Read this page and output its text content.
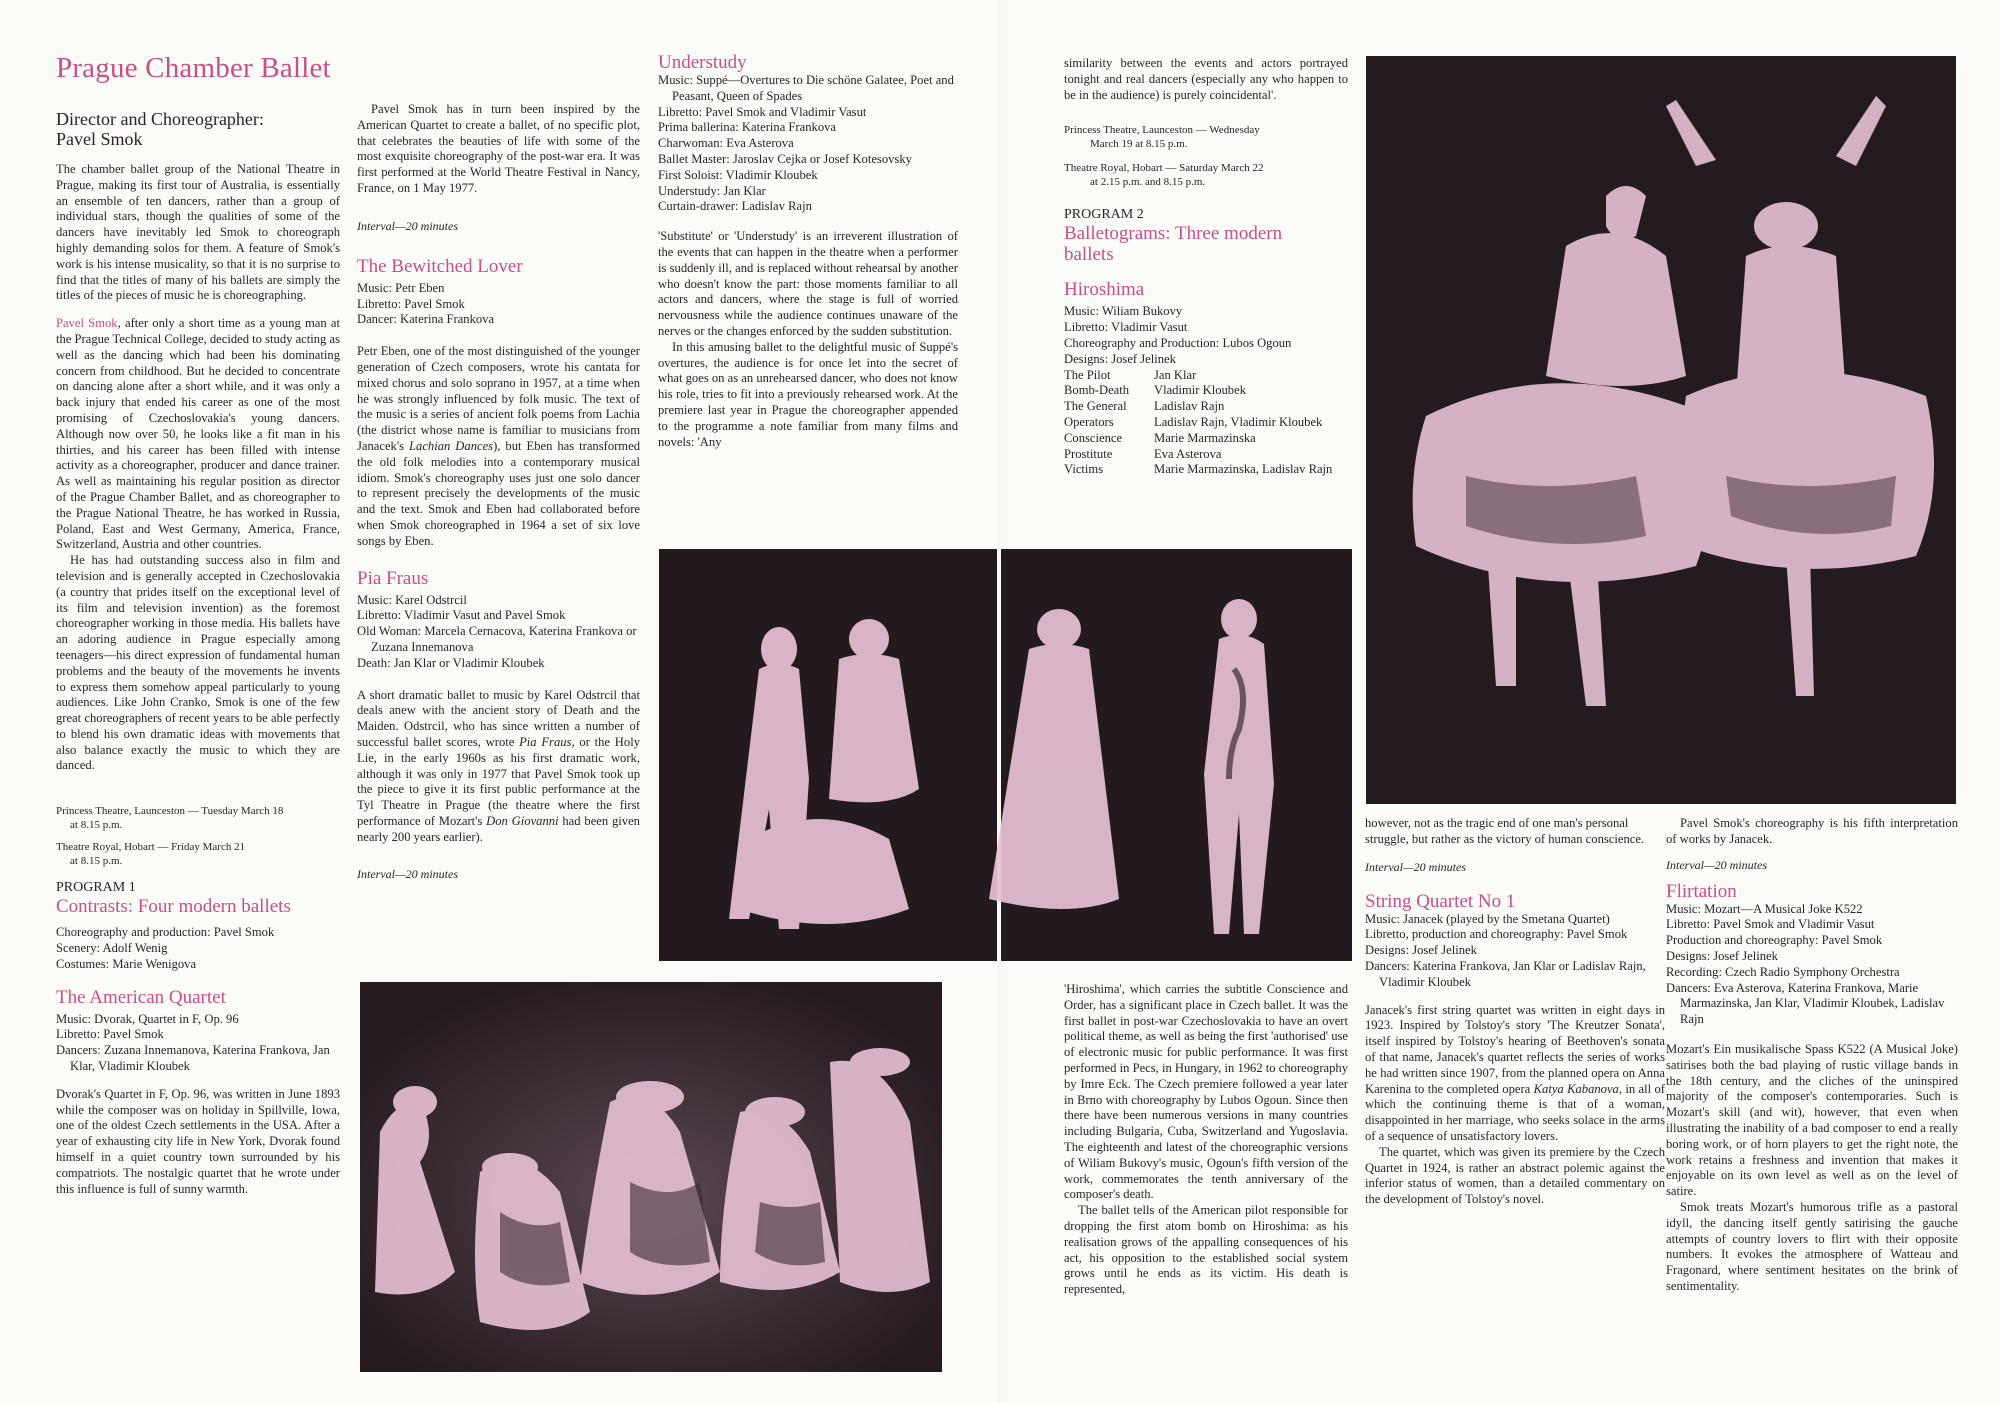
Prague Chamber Ballet
Director and Choreographer:
Pavel Smok

The chamber ballet group of the National Theatre in Prague, making its first tour of Australia, is essentially an ensemble of ten dancers, rather than a group of individual stars, though the qualities of some of the dancers have inevitably led Smok to choreograph highly demanding solos for them. A feature of Smok's work is his intense musicality, so that it is no surprise to find that the titles of many of his ballets are simply the titles of the pieces of music he is choreographing.

Pavel Smok, after only a short time as a young man at the Prague Technical College, decided to study acting as well as the dancing which had been his dominating concern from childhood. But he decided to concentrate on dancing alone after a short while, and it was only a back injury that ended his career as one of the most promising of Czechoslovakia's young dancers. Although now over 50, he looks like a fit man in his thirties, and his career has been filled with intense activity as a choreographer, producer and dance trainer. As well as maintaining his regular position as director of the Prague Chamber Ballet, and as choreographer to the Prague National Theatre, he has worked in Russia, Poland, East and West Germany, America, France, Switzerland, Austria and other countries.

He has had outstanding success also in film and television and is generally accepted in Czechoslovakia (a country that prides itself on the exceptional level of its film and television invention) as the foremost choreographer working in those media. His ballets have an adoring audience in Prague especially among teenagers—his direct expression of fundamental human problems and the beauty of the movements he invents to express them somehow appeal particularly to young audiences. Like John Cranko, Smok is one of the few great choreographers of recent years to be able perfectly to blend his own dramatic ideas with movements that also balance exactly the music to which they are danced.

Princess Theatre, Launceston — Tuesday March 18
at 8.15 p.m.
Theatre Royal, Hobart — Friday March 21
at 8.15 p.m.
PROGRAM 1
Contrasts: Four modern ballets
Choreography and production: Pavel Smok
Scenery: Adolf Wenig
Costumes: Marie Wenigova
The American Quartet
Music: Dvorak, Quartet in F, Op. 96
Libretto: Pavel Smok
Dancers: Zuzana Innemanova, Katerina Frankova, Jan Klar, Vladimir Kloubek

Dvorak's Quartet in F, Op. 96, was written in June 1893 while the composer was on holiday in Spillville, Iowa, one of the oldest Czech settlements in the USA. After a year of exhausting city life in New York, Dvorak found himself in a quiet country town surrounded by his compatriots. The nostalgic quartet that he wrote under this influence is full of sunny warmth.

Pavel Smok has in turn been inspired by the American Quartet to create a ballet, of no specific plot, that celebrates the beauties of life with some of the most exquisite choreography of the post-war era. It was first performed at the World Theatre Festival in Nancy, France, on 1 May 1977.

Interval—20 minutes
The Bewitched Lover
Music: Petr Eben
Libretto: Pavel Smok
Dancer: Katerina Frankova

Petr Eben, one of the most distinguished of the younger generation of Czech composers, wrote his cantata for mixed chorus and solo soprano in 1957, at a time when he was strongly influenced by folk music. The text of the music is a series of ancient folk poems from Lachia (the district whose name is familiar to musicians from Janacek's Lachian Dances), but Eben has transformed the old folk melodies into a contemporary musical idiom. Smok's choreography uses just one solo dancer to represent precisely the developments of the music and the text. Smok and Eben had collaborated before when Smok choreographed in 1964 a set of six love songs by Eben.

Pia Fraus
Music: Karel Odstrcil
Libretto: Vladimir Vasut and Pavel Smok
Old Woman: Marcela Cernacova, Katerina Frankova or Zuzana Innemanova
Death: Jan Klar or Vladimir Kloubek

A short dramatic ballet to music by Karel Odstrcil that deals anew with the ancient story of Death and the Maiden. Odstrcil, who has since written a number of successful ballet scores, wrote Pia Fraus, or the Holy Lie, in the early 1960s as his first dramatic work, although it was only in 1977 that Pavel Smok took up the piece to give it its first public performance at the Tyl Theatre in Prague (the theatre where the first performance of Mozart's Don Giovanni had been given nearly 200 years earlier).

Interval—20 minutes
Understudy
Music: Suppé—Overtures to Die schöne Galatee, Poet and Peasant, Queen of Spades
Libretto: Pavel Smok and Vladimir Vasut
Prima ballerina: Katerina Frankova
Charwoman: Eva Asterova
Ballet Master: Jaroslav Cejka or Josef Kotesovsky
First Soloist: Vladimir Kloubek
Understudy: Jan Klar
Curtain-drawer: Ladislav Rajn

'Substitute' or 'Understudy' is an irreverent illustration of the events that can happen in the theatre when a performer is suddenly ill, and is replaced without rehearsal by another who doesn't know the part: those moments familiar to all actors and dancers, where the stage is full of worried nervousness while the audience continues unaware of the nerves or the changes enforced by the sudden substitution.

In this amusing ballet to the delightful music of Suppé's overtures, the audience is for once let into the secret of what goes on as an unrehearsed dancer, who does not know his role, tries to fit into a previously rehearsed work. At the premiere last year in Prague the choreographer appended to the programme a note familiar from many films and novels: 'Any

similarity between the events and actors portrayed tonight and real dancers (especially any who happen to be in the audience) is purely coincidental'.

Princess Theatre, Launceston — Wednesday
March 19 at 8.15 p.m.
Theatre Royal, Hobart — Saturday March 22
at 2.15 p.m. and 8.15 p.m.
PROGRAM 2
Balletograms: Three modern
ballets
Hiroshima
Music: Wiliam Bukovy
Libretto: Vladimir Vasut
Choreography and Production: Lubos Ogoun
Designs: Josef Jelinek
The Pilot	Jan Klar
Bomb-Death	Vladimir Kloubek
The General	Ladislav Rajn
Operators	Ladislav Rajn, Vladimir Kloubek
Conscience	Marie Marmazinska
Prostitute	Eva Asterova
Victims	Marie Marmazinska, Ladislav Rajn

'Hiroshima', which carries the subtitle Conscience and Order, has a significant place in Czech ballet. It was the first ballet in post-war Czechoslovakia to have an overt political theme, as well as being the first 'authorised' use of electronic music for public performance. It was first performed in Pecs, in Hungary, in 1962 to choreography by Imre Eck. The Czech premiere followed a year later in Brno with choreography by Lubos Ogoun. Since then there have been numerous versions in many countries including Bulgaria, Cuba, Switzerland and Yugoslavia. The eighteenth and latest of the choreographic versions of Wiliam Bukovy's music, Ogoun's fifth version of the work, commemorates the tenth anniversary of the composer's death.

The ballet tells of the American pilot responsible for dropping the first atom bomb on Hiroshima: as his realisation grows of the appalling consequences of his act, his opposition to the established social system grows until he ends as its victim. His death is represented,

however, not as the tragic end of one man's personal struggle, but rather as the victory of human conscience.

Interval—20 minutes
String Quartet No 1
Music: Janacek (played by the Smetana Quartet)
Libretto, production and choreography: Pavel Smok
Designs: Josef Jelinek
Dancers: Katerina Frankova, Jan Klar or Ladislav Rajn, Vladimir Kloubek

Janacek's first string quartet was written in eight days in 1923. Inspired by Tolstoy's story 'The Kreutzer Sonata', itself inspired by Tolstoy's hearing of Beethoven's sonata of that name, Janacek's quartet reflects the series of works he had written since 1907, from the planned opera on Anna Karenina to the completed opera Katya Kabanova, in all of which the continuing theme is that of a woman, disappointed in her marriage, who seeks solace in the arms of a sequence of unsatisfactory lovers.

The quartet, which was given its premiere by the Czech Quartet in 1924, is rather an abstract polemic against the inferior status of women, than a detailed commentary on the development of Tolstoy's novel.

Pavel Smok's choreography is his fifth interpretation of works by Janacek.

Interval—20 minutes
Flirtation
Music: Mozart—A Musical Joke K522
Libretto: Pavel Smok and Vladimir Vasut
Production and choreography: Pavel Smok
Designs: Josef Jelinek
Recording: Czech Radio Symphony Orchestra
Dancers: Eva Asterova, Katerina Frankova, Marie Marmazinska, Jan Klar, Vladimir Kloubek, Ladislav Rajn

Mozart's Ein musikalische Spass K522 (A Musical Joke) satirises both the bad playing of rustic village bands in the 18th century, and the cliches of the uninspired majority of the composer's contemporaries. Such is Mozart's skill (and wit), however, that even when illustrating the inability of a bad composer to end a really boring work, or of horn players to get the right note, the work retains a freshness and invention that makes it enjoyable on its own level as well as on the level of satire.

Smok treats Mozart's humorous trifle as a pastoral idyll, the dancing itself gently satirising the gauche attempts of country lovers to flirt with their opposite numbers. It evokes the atmosphere of Watteau and Fragonard, where sentiment hesitates on the brink of sentimentality.
